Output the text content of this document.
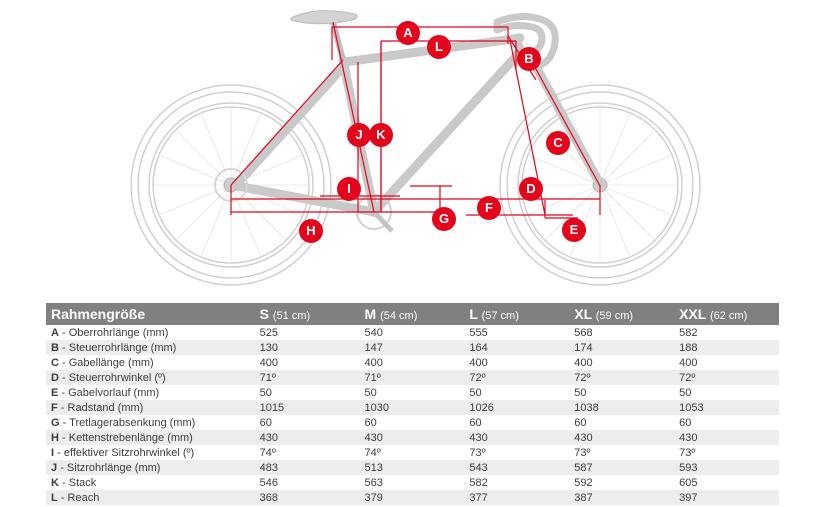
A
L
B
C
J	K
I	D
F
G
E
H
Rahmengröße	S (51 cm)	M (54 cm)	L (57 cm)	XL (59 cm)	XXL (62 cm)
A - Oberrohrlänge (mm)	525	540	555	568	582
B - Steuerrohrlänge (mm)	130	147	164	174	188
C - Gabellänge (mm)	400	400	400	400	400
D - Steuerrohrwinkel (º)	71º	71º	72º	72º	72º
E - Gabelvorlauf (mm)	50	50	50	50	50
F - Radstand (mm)	1015	1030	1026	1038	1053
G - Tretlagerabsenkung (mm)	60	60	60	60	60
H - Kettenstrebenlänge (mm)	430	430	430	430	430
I - effektiver Sitzrohrwinkel (º)	74º	74º	73º	73º	73º
J - Sitzrohrlänge (mm)	483	513	543	587	593
K - Stack	546	563	582	592	605
L - Reach	368	379	377	387	397
